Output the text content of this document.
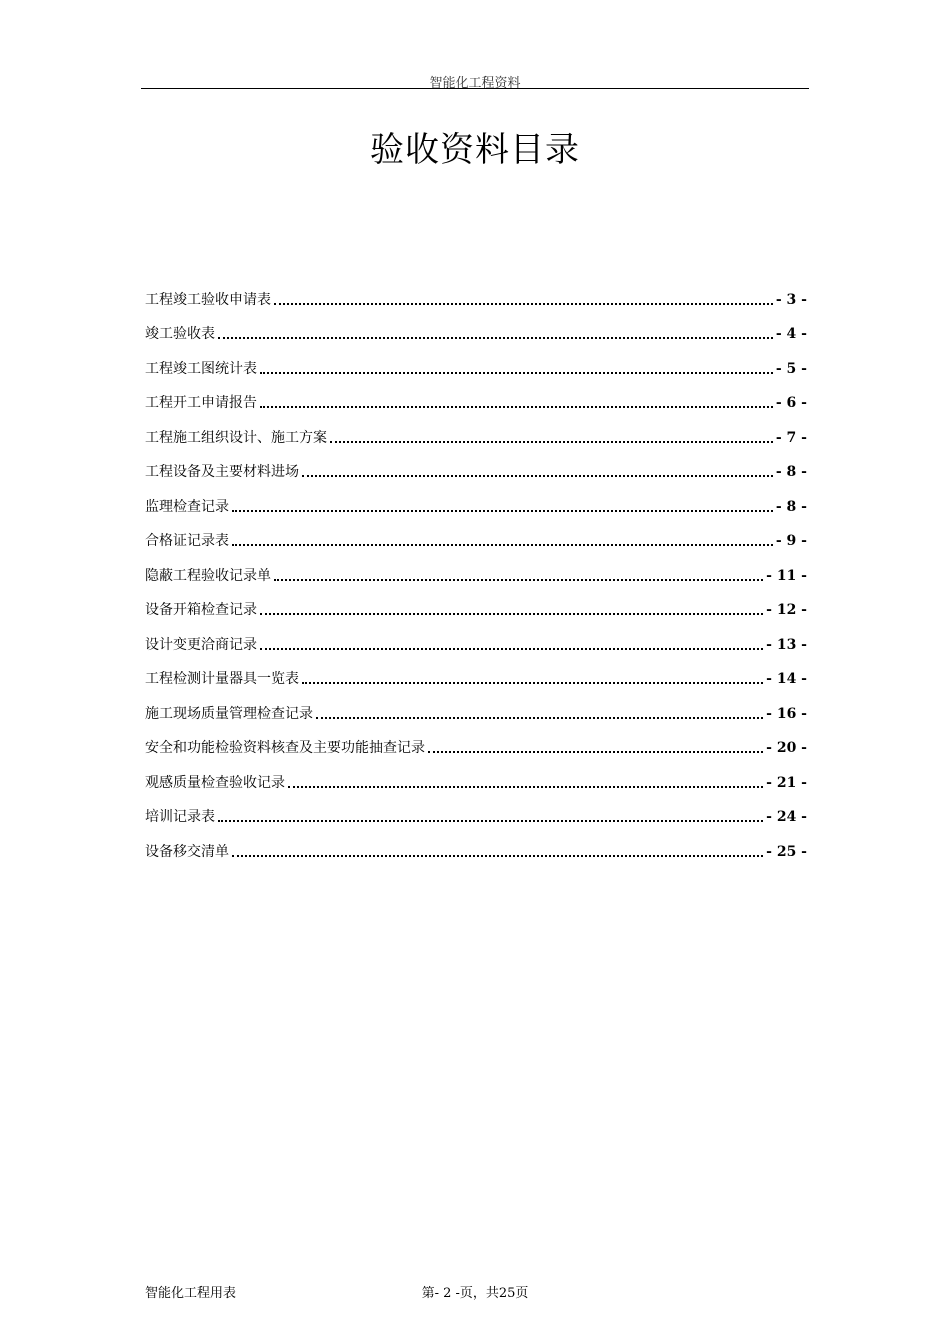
智能化工程资料
验收资料目录
工程竣工验收申请表	- 3 -
竣工验收表	- 4 -
工程竣工图统计表	- 5 -
工程开工申请报告	- 6 -
工程施工组织设计、施工方案	- 7 -
工程设备及主要材料进场	- 8 -
监理检查记录	- 8 -
合格证记录表	- 9 -
隐蔽工程验收记录单	- 11 -
设备开箱检查记录	- 12 -
设计变更洽商记录	- 13 -
工程检测计量器具一览表	- 14 -
施工现场质量管理检查记录	- 16 -
安全和功能检验资料核查及主要功能抽查记录	- 20 -
观感质量检查验收记录	- 21 -
培训记录表	- 24 -
设备移交清单	- 25 -
智能化工程用表	第- 2 -页，共25页
